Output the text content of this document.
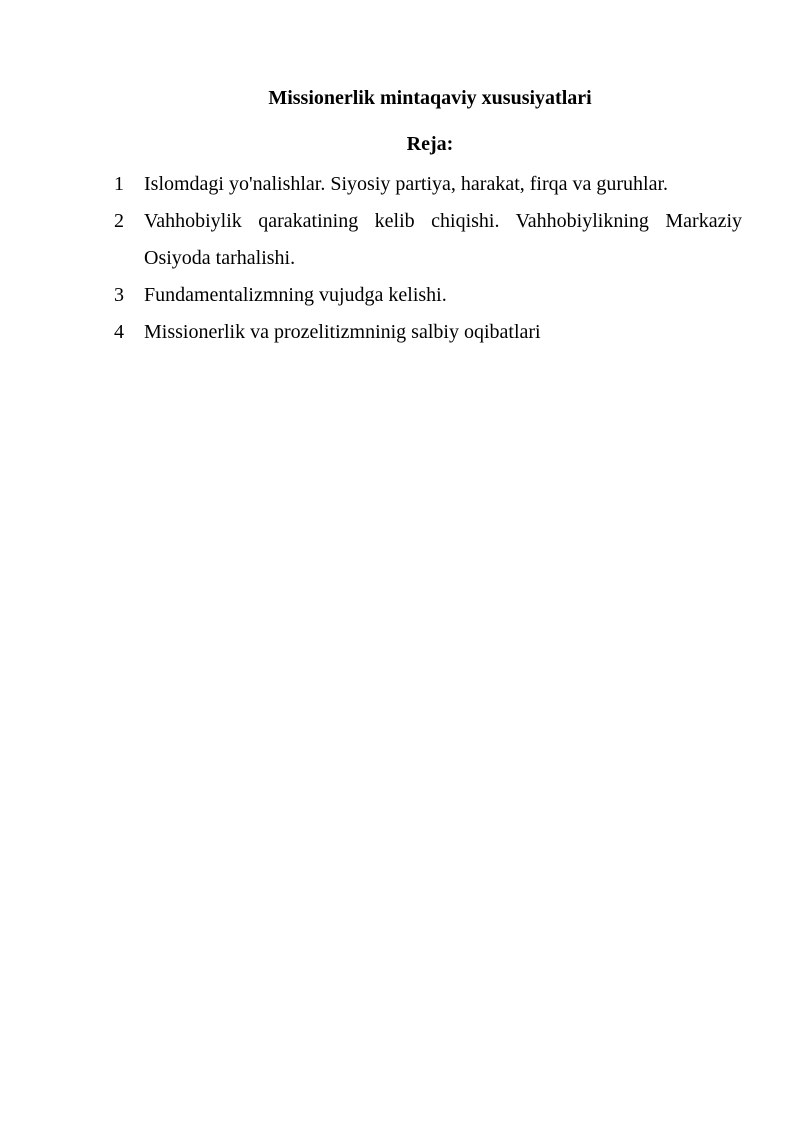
Missionerlik mintaqaviy xususiyatlari
Reja:
1	Islomdagi yo'nalishlar. Siyosiy partiya, harakat, firqa va guruhlar.
2	Vahhobiylik qarakatining kelib chiqishi. Vahhobiylikning Markaziy Osiyoda tarhalishi.
3	Fundamentalizmning vujudga kelishi.
4	Missionerlik va prozelitizmninig salbiy oqibatlari
